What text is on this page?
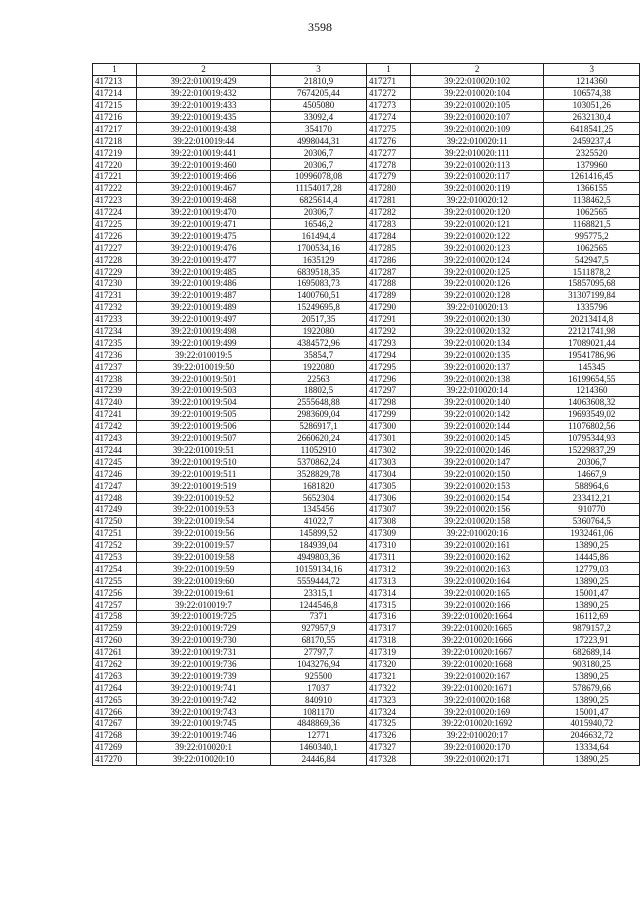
3598
1	2	3
417213	39:22:010019:429	21810,9
417214	39:22:010019:432	7674205,44
417215	39:22:010019:433	4505080
417216	39:22:010019:435	33092,4
417217	39:22:010019:438	354170
417218	39:22:010019:44	4998044,31
417219	39:22:010019:441	20306,7
417220	39:22:010019:460	20306,7
417221	39:22:010019:466	10996078,08
417222	39:22:010019:467	11154017,28
417223	39:22:010019:468	6825614,4
417224	39:22:010019:470	20306,7
417225	39:22:010019:471	16546,2
417226	39:22:010019:475	161494,4
417227	39:22:010019:476	1700534,16
417228	39:22:010019:477	1635129
417229	39:22:010019:485	6839518,35
417230	39:22:010019:486	1695083,73
417231	39:22:010019:487	1400760,51
417232	39:22:010019:489	15249695,8
417233	39:22:010019:497	20517,35
417234	39:22:010019:498	1922080
417235	39:22:010019:499	4384572,96
417236	39:22:010019:5	35854,7
417237	39:22:010019:50	1922080
417238	39:22:010019:501	22563
417239	39:22:010019:503	18802,5
417240	39:22:010019:504	2555648,88
417241	39:22:010019:505	2983609,04
417242	39:22:010019:506	5286917,1
417243	39:22:010019:507	2660620,24
417244	39:22:010019:51	11052910
417245	39:22:010019:510	5370862,24
417246	39:22:010019:511	3528829,78
417247	39:22:010019:519	1681820
417248	39:22:010019:52	5652304
417249	39:22:010019:53	1345456
417250	39:22:010019:54	41022,7
417251	39:22:010019:56	145899,52
417252	39:22:010019:57	184939,04
417253	39:22:010019:58	4949803,36
417254	39:22:010019:59	10159134,16
417255	39:22:010019:60	5559444,72
417256	39:22:010019:61	23315,1
417257	39:22:010019:7	1244546,8
417258	39:22:010019:725	7371
417259	39:22:010019:729	927957,9
417260	39:22:010019:730	68170,55
417261	39:22:010019:731	27797,7
417262	39:22:010019:736	1043276,94
417263	39:22:010019:739	925500
417264	39:22:010019:741	17037
417265	39:22:010019:742	840910
417266	39:22:010019:743	1081170
417267	39:22:010019:745	4848869,36
417268	39:22:010019:746	12771
417269	39:22:010020:1	1460340,1
417270	39:22:010020:10	24446,84
1	2	3
417271	39:22:010020:102	1214360
417272	39:22:010020:104	106574,38
417273	39:22:010020:105	103051,26
417274	39:22:010020:107	2632130,4
417275	39:22:010020:109	6418541,25
417276	39:22:010020:11	2459237,4
417277	39:22:010020:111	2325520
417278	39:22:010020:113	1379960
417279	39:22:010020:117	1261416,45
417280	39:22:010020:119	1366155
417281	39:22:010020:12	1138462,5
417282	39:22:010020:120	1062565
417283	39:22:010020:121	1168821,5
417284	39:22:010020:122	995775,2
417285	39:22:010020:123	1062565
417286	39:22:010020:124	542947,5
417287	39:22:010020:125	1511878,2
417288	39:22:010020:126	15857095,68
417289	39:22:010020:128	31307199,84
417290	39:22:010020:13	1335796
417291	39:22:010020:130	20213414,8
417292	39:22:010020:132	22121741,98
417293	39:22:010020:134	17089021,44
417294	39:22:010020:135	19541786,96
417295	39:22:010020:137	145345
417296	39:22:010020:138	16199654,55
417297	39:22:010020:14	1214360
417298	39:22:010020:140	14063608,32
417299	39:22:010020:142	19693549,02
417300	39:22:010020:144	11076802,56
417301	39:22:010020:145	10795344,93
417302	39:22:010020:146	15229837,29
417303	39:22:010020:147	20306,7
417304	39:22:010020:150	14667,9
417305	39:22:010020:153	588964,6
417306	39:22:010020:154	233412,21
417307	39:22:010020:156	910770
417308	39:22:010020:158	5360764,5
417309	39:22:010020:16	1932461,06
417310	39:22:010020:161	13890,25
417311	39:22:010020:162	14445,86
417312	39:22:010020:163	12779,03
417313	39:22:010020:164	13890,25
417314	39:22:010020:165	15001,47
417315	39:22:010020:166	13890,25
417316	39:22:010020:1664	16112,69
417317	39:22:010020:1665	9879157,2
417318	39:22:010020:1666	17223,91
417319	39:22:010020:1667	682689,14
417320	39:22:010020:1668	903180,25
417321	39:22:010020:167	13890,25
417322	39:22:010020:1671	578679,66
417323	39:22:010020:168	13890,25
417324	39:22:010020:169	15001,47
417325	39:22:010020:1692	4015940,72
417326	39:22:010020:17	2046632,72
417327	39:22:010020:170	13334,64
417328	39:22:010020:171	13890,25
